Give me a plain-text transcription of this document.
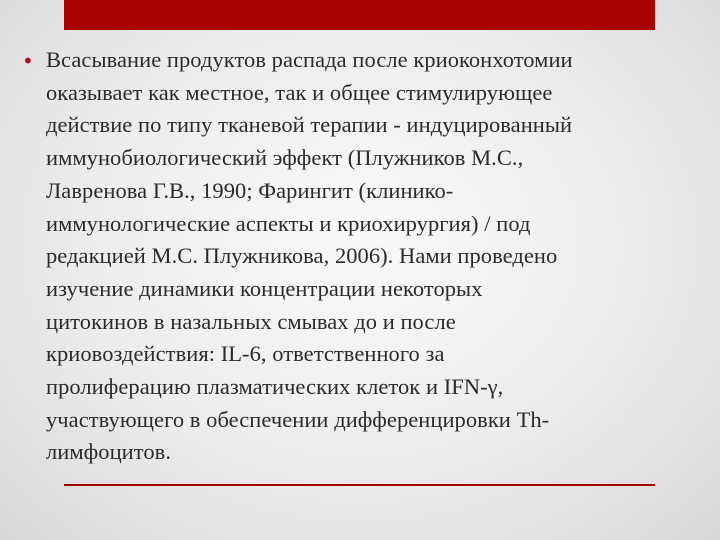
• Всасывание продуктов распада после криоконхотомии
оказывает как местное, так и общее стимулирующее
действие по типу тканевой терапии - индуцированный
иммунобиологический эффект (Плужников М.С.,
Лавренова Г.В., 1990; Фарингит (клинико-
иммунологические аспекты и криохирургия) / под
редакцией М.С. Плужникова, 2006). Нами проведено
изучение динамики концентрации некоторых
цитокинов в назальных смывах до и после
криовоздействия: IL-6, ответственного за
пролиферацию плазматических клеток и IFN-γ,
участвующего в обеспечении дифференцировки Th-
лимфоцитов.
